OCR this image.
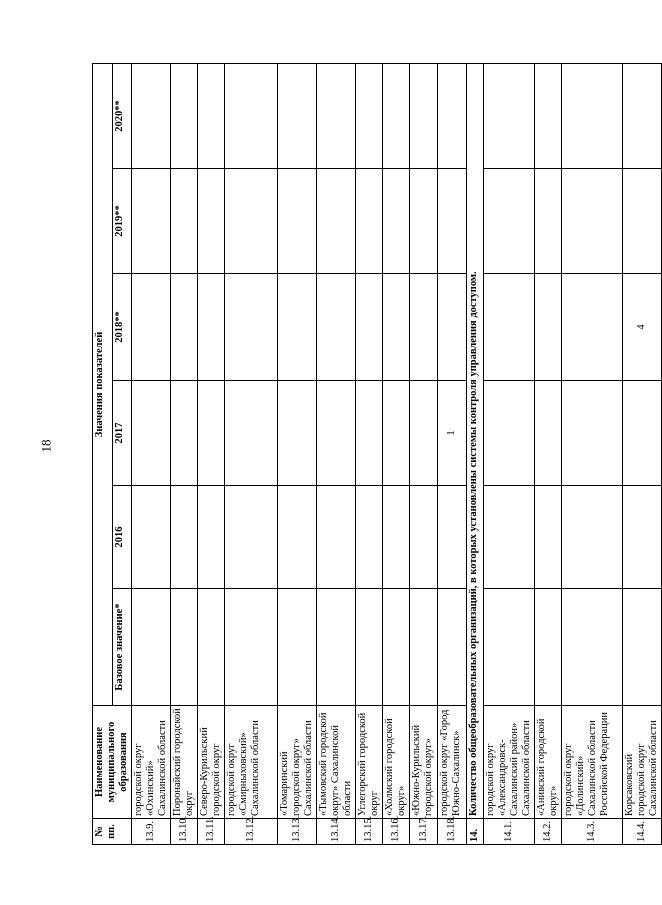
18
№ пп.	Наименование муниципального образования	Значения показателей					
		Базовое значение*	2016	2017	2018**	2019**	2020**
13.9.	городской округ «Охинский» Сахалинской области						
13.10.	Поронайский городской округ						
13.11.	Северо-Курильский городской округ						
13.12.	городской округ «Смирныховский» Сахалинской области						
13.13.	«Томаринский городской округ» Сахалинской области						
13.14.	«Тымовский городской округ» Сахалинской области						
13.15.	Углегорский городской округ						
13.16.	«Холмский городской округ»						
13.17.	«Южно-Курильский городской округ»						
13.18.	городской округ «Город Южно-Сахалинск»			1			
14.	Количество общеобразовательных организаций, в которых установлены системы контроля управления доступом.						
14.1.	городской округ «Александровск-Сахалинский район» Сахалинской области						
14.2.	«Анивский городской округ»						
14.3.	городской округ «Долинский» Сахалинской области Российской Федерации						
14.4.	Корсаковский городской округ Сахалинской области				4		
